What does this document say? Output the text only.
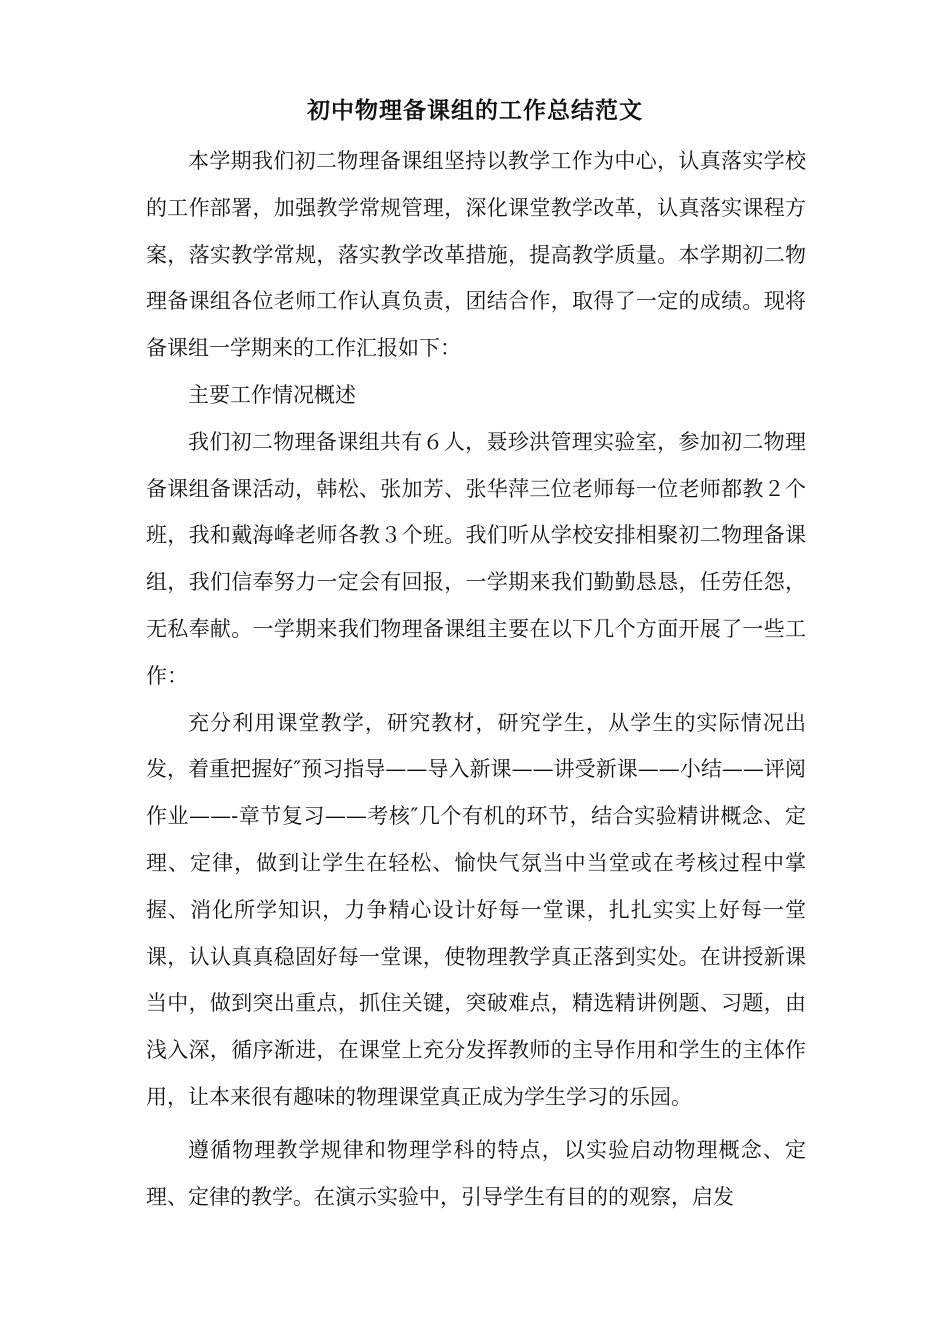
初中物理备课组的工作总结范文

本学期我们初二物理备课组坚持以教学工作为中心，认真落实学校的工作部署，加强教学常规管理，深化课堂教学改革，认真落实课程方案，落实教学常规，落实教学改革措施，提高教学质量。本学期初二物理备课组各位老师工作认真负责，团结合作，取得了一定的成绩。现将备课组一学期来的工作汇报如下：

主要工作情况概述

我们初二物理备课组共有６人，聂珍洪管理实验室，参加初二物理备课组备课活动，韩松、张加芳、张华萍三位老师每一位老师都教２个班，我和戴海峰老师各教３个班。我们听从学校安排相聚初二物理备课组，我们信奉努力一定会有回报，一学期来我们勤勤恳恳，任劳任怨，无私奉献。一学期来我们物理备课组主要在以下几个方面开展了一些工作：

充分利用课堂教学，研究教材，研究学生，从学生的实际情况出发，着重把握好″预习指导——导入新课——讲受新课——小结——评阅作业——-章节复习——考核″几个有机的环节，结合实验精讲概念、定理、定律，做到让学生在轻松、愉快气氛当中当堂或在考核过程中掌握、消化所学知识，力争精心设计好每一堂课，扎扎实实上好每一堂课，认认真真稳固好每一堂课，使物理教学真正落到实处。在讲授新课当中，做到突出重点，抓住关键，突破难点，精选精讲例题、习题，由浅入深，循序渐进，在课堂上充分发挥教师的主导作用和学生的主体作用，让本来很有趣味的物理课堂真正成为学生学习的乐园。

遵循物理教学规律和物理学科的特点，以实验启动物理概念、定理、定律的教学。在演示实验中，引导学生有目的的观察，启发
